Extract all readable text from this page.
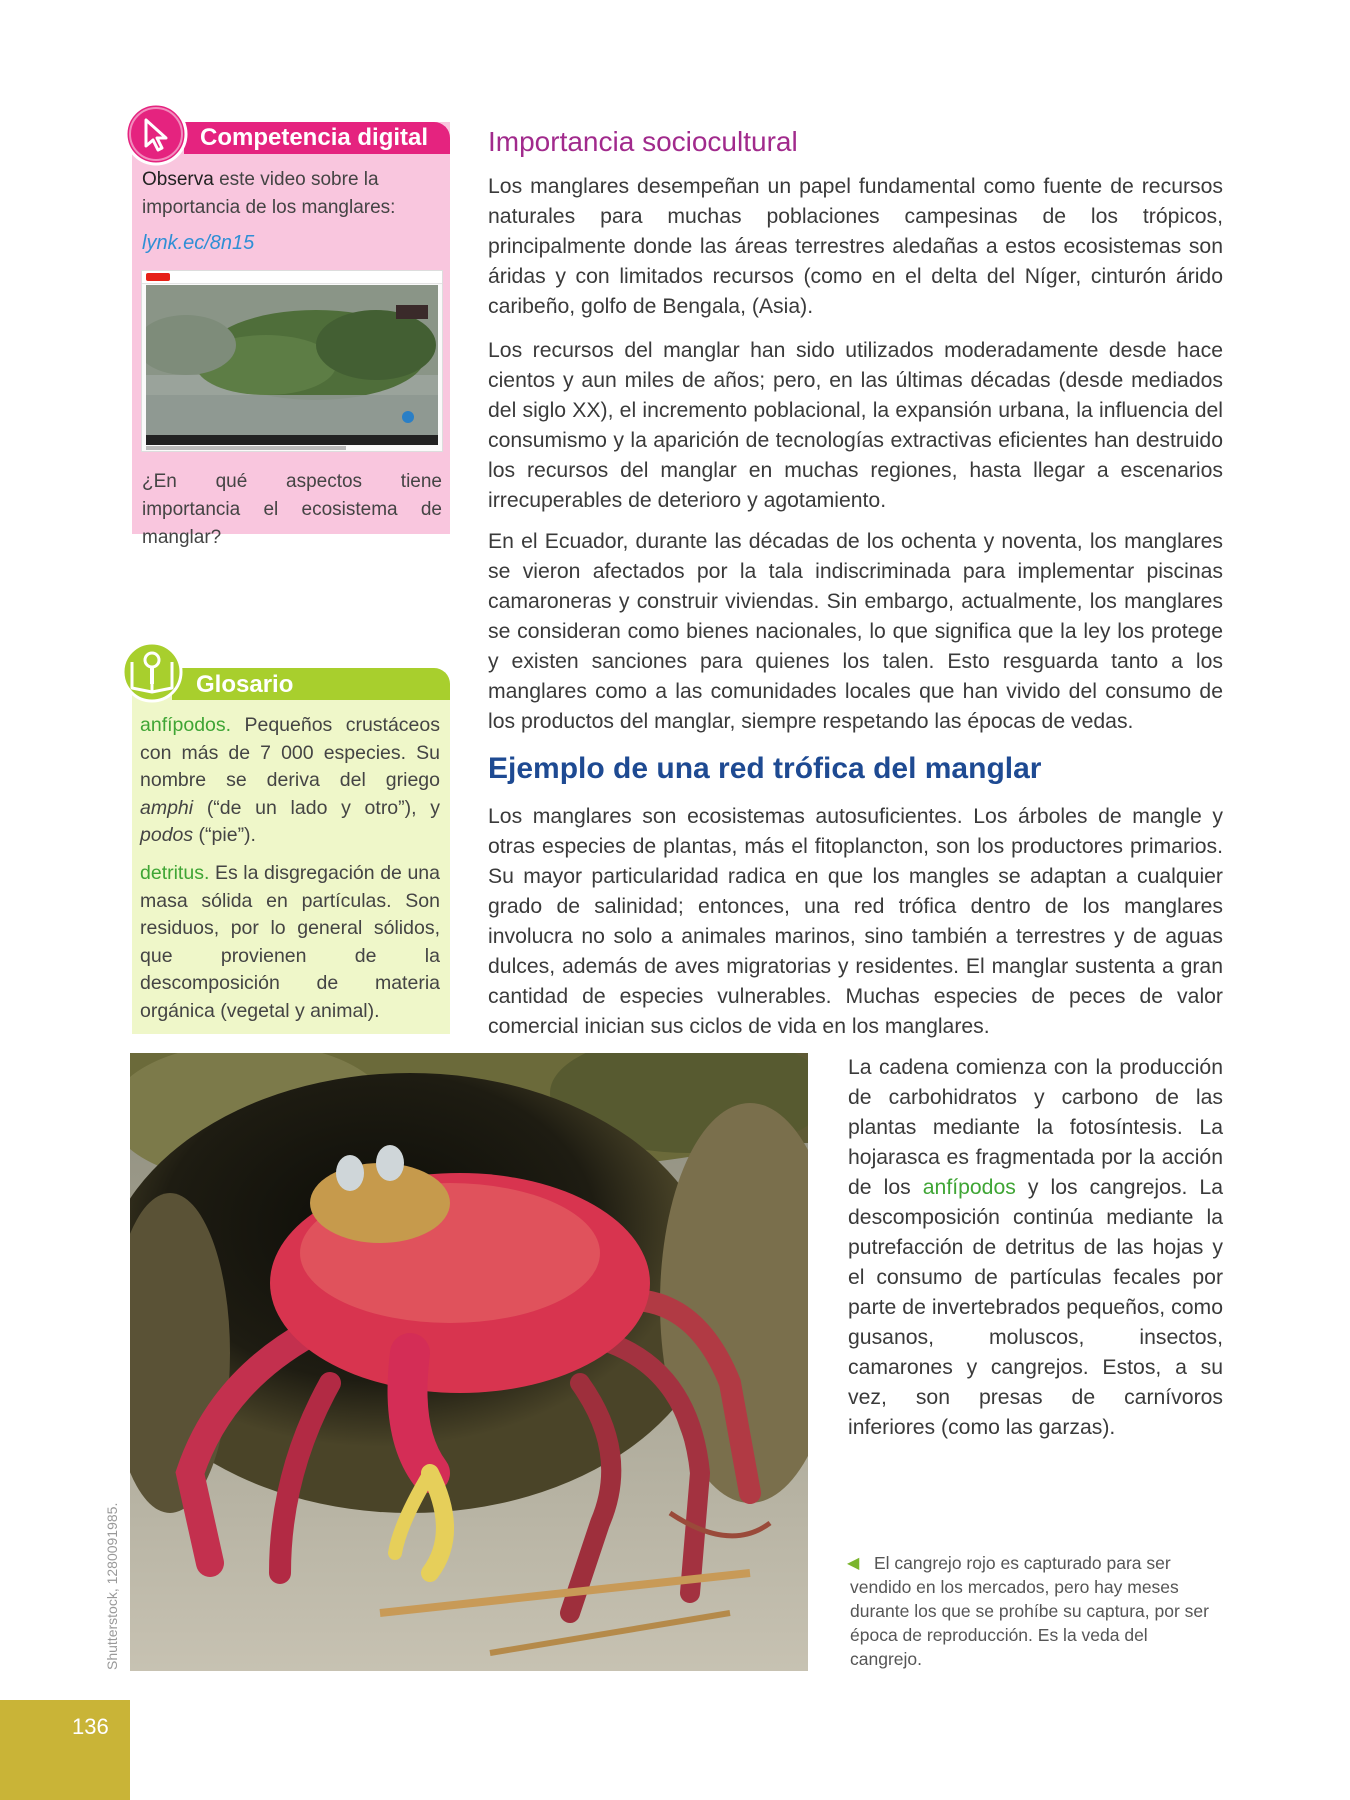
Competencia digital
Observa este video sobre la importancia de los manglares:
lynk.ec/8n15
¿En qué aspectos tiene importancia el ecosistema de manglar?
Glosario
anfípodos. Pequeños crustáceos con más de 7 000 especies. Su nombre se deriva del griego amphi (“de un lado y otro”), y podos (“pie”).
detritus. Es la disgregación de una masa sólida en partículas. Son residuos, por lo general sólidos, que provienen de la descomposición de materia orgánica (vegetal y animal).
Importancia sociocultural

Los manglares desempeñan un papel fundamental como fuente de recursos naturales para muchas poblaciones campesinas de los trópicos, principalmente donde las áreas terrestres aledañas a estos ecosistemas son áridas y con limitados recursos (como en el delta del Níger, cinturón árido caribeño, golfo de Bengala, (Asia).

Los recursos del manglar han sido utilizados moderadamente desde hace cientos y aun miles de años; pero, en las últimas décadas (desde mediados del siglo XX), el incremento poblacional, la expansión urbana, la influencia del consumismo y la aparición de tecnologías extractivas eficientes han destruido los recursos del manglar en muchas regiones, hasta llegar a escenarios irrecuperables de deterioro y agotamiento.

En el Ecuador, durante las décadas de los ochenta y noventa, los manglares se vieron afectados por la tala indiscriminada para implementar piscinas camaroneras y construir viviendas. Sin embargo, actualmente, los manglares se consideran como bienes nacionales, lo que significa que la ley los protege y existen sanciones para quienes los talen. Esto resguarda tanto a los manglares como a las comunidades locales que han vivido del consumo de los productos del manglar, siempre respetando las épocas de vedas.

Ejemplo de una red trófica del manglar

Los manglares son ecosistemas autosuficientes. Los árboles de mangle y otras especies de plantas, más el fitoplancton, son los productores primarios. Su mayor particularidad radica en que los mangles se adaptan a cualquier grado de salinidad; entonces, una red trófica dentro de los manglares involucra no solo a animales marinos, sino también a terrestres y de aguas dulces, además de aves migratorias y residentes. El manglar sustenta a gran cantidad de especies vulnerables. Muchas especies de peces de valor comercial inician sus ciclos de vida en los manglares.

La cadena comienza con la producción de carbohidratos y carbono de las plantas mediante la fotosíntesis. La hojarasca es fragmentada por la acción de los anfípodos y los cangrejos. La descomposición continúa mediante la putrefacción de detritus de las hojas y el consumo de partículas fecales por parte de invertebrados pequeños, como gusanos, moluscos, insectos, camarones y cangrejos. Estos, a su vez, son presas de carnívoros inferiores (como las garzas).

Shutterstock, 1280091985.	◀ El cangrejo rojo es capturado para ser vendido en los mercados, pero hay meses durante los que se prohíbe su captura, por ser época de reproducción. Es la veda del cangrejo.

136
